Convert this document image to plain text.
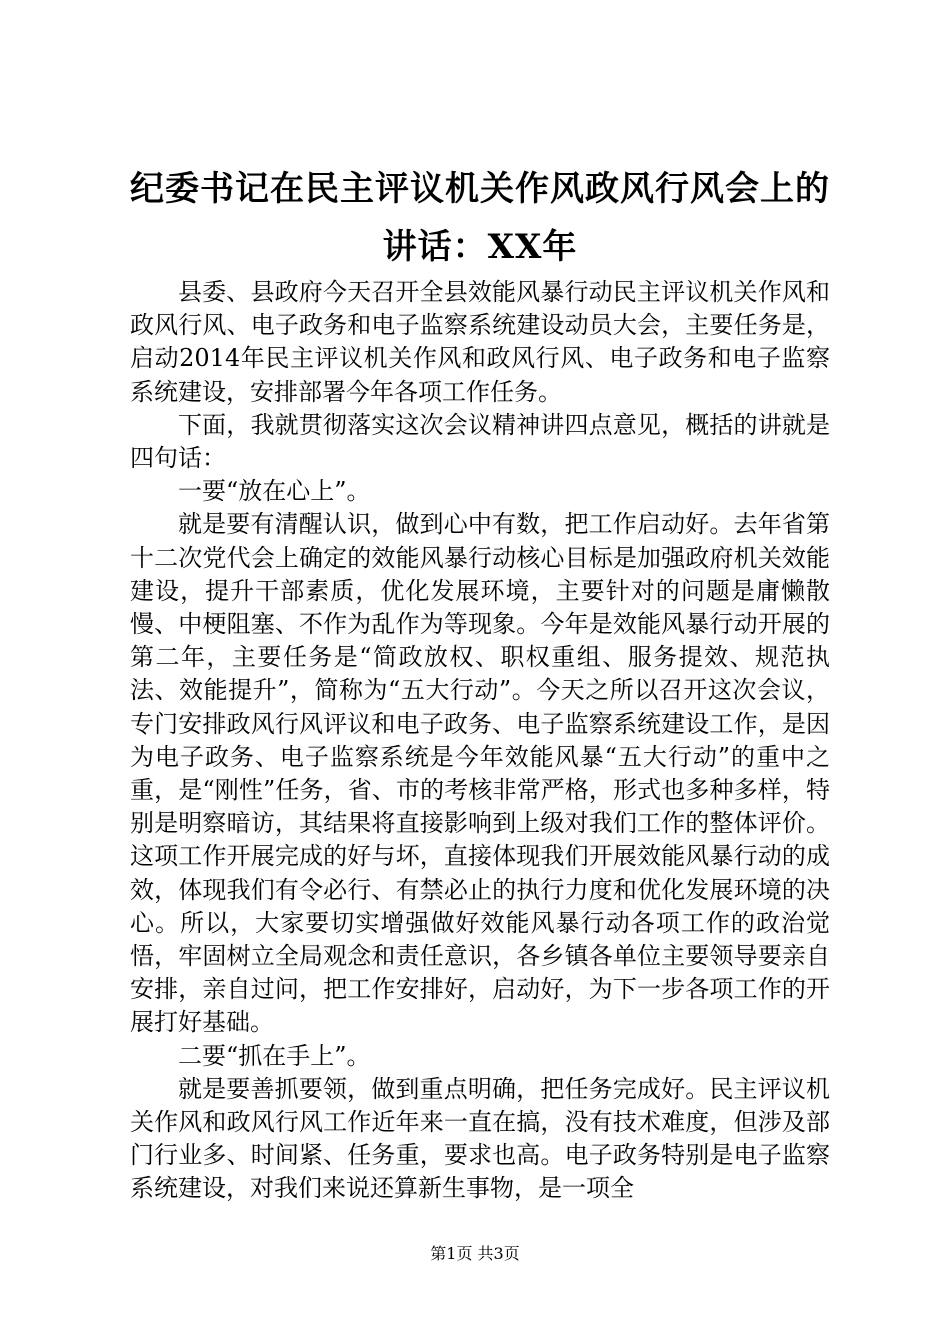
纪委书记在民主评议机关作风政风行风会上的
讲话：XX年

县委、县政府今天召开全县效能风暴行动民主评议机关作风和政风行风、电子政务和电子监察系统建设动员大会，主要任务是，启动2014年民主评议机关作风和政风行风、电子政务和电子监察系统建设，安排部署今年各项工作任务。

下面，我就贯彻落实这次会议精神讲四点意见，概括的讲就是四句话：

一要“放在心上”。

就是要有清醒认识，做到心中有数，把工作启动好。去年省第十二次党代会上确定的效能风暴行动核心目标是加强政府机关效能建设，提升干部素质，优化发展环境，主要针对的问题是庸懒散慢、中梗阻塞、不作为乱作为等现象。今年是效能风暴行动开展的第二年，主要任务是“简政放权、职权重组、服务提效、规范执法、效能提升”，简称为“五大行动”。今天之所以召开这次会议，专门安排政风行风评议和电子政务、电子监察系统建设工作，是因为电子政务、电子监察系统是今年效能风暴“五大行动”的重中之重，是“刚性”任务，省、市的考核非常严格，形式也多种多样，特别是明察暗访，其结果将直接影响到上级对我们工作的整体评价。这项工作开展完成的好与坏，直接体现我们开展效能风暴行动的成效，体现我们有令必行、有禁必止的执行力度和优化发展环境的决心。所以，大家要切实增强做好效能风暴行动各项工作的政治觉悟，牢固树立全局观念和责任意识，各乡镇各单位主要领导要亲自安排，亲自过问，把工作安排好，启动好，为下一步各项工作的开展打好基础。

二要“抓在手上”。

就是要善抓要领，做到重点明确，把任务完成好。民主评议机关作风和政风行风工作近年来一直在搞，没有技术难度，但涉及部门行业多、时间紧、任务重，要求也高。电子政务特别是电子监察系统建设，对我们来说还算新生事物，是一项全

第1页 共3页
